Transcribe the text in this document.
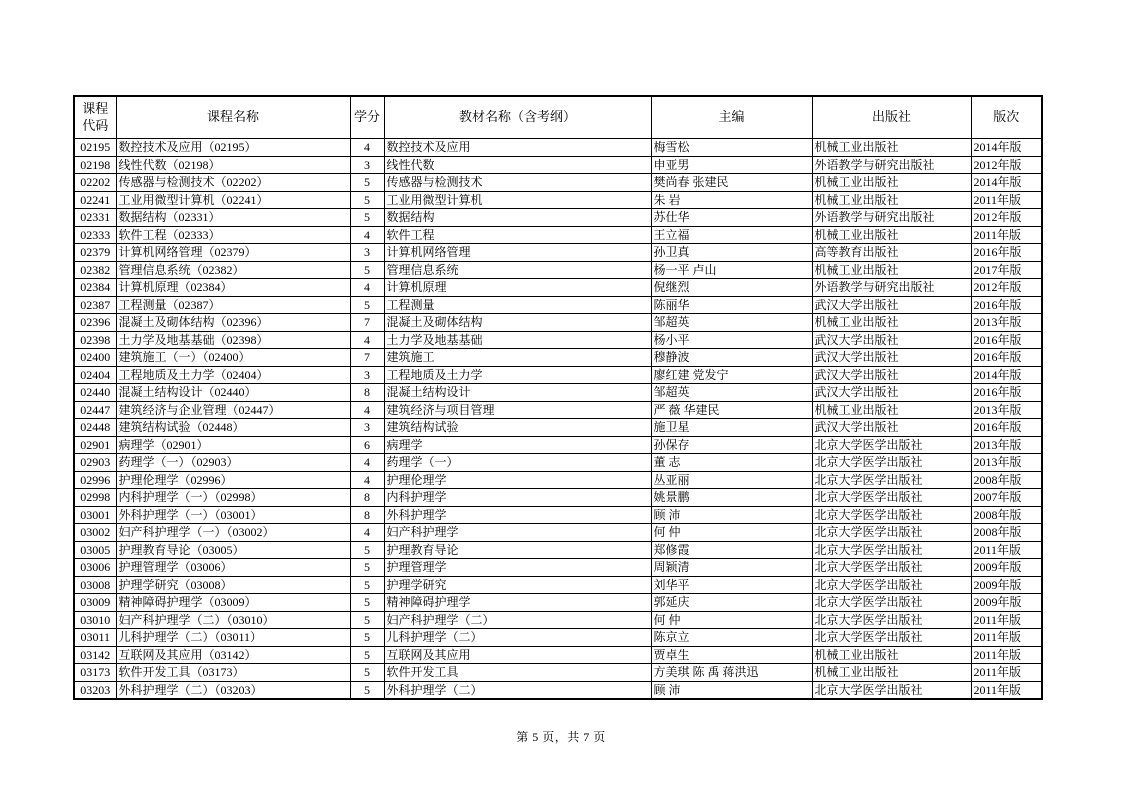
课程
代码	课程名称	学分	教材名称（含考纲）	主编	出版社	版次
02195	数控技术及应用（02195）	4	数控技术及应用	梅雪松	机械工业出版社	2014年版
02198	线性代数（02198）	3	线性代数	申亚男	外语教学与研究出版社	2012年版
02202	传感器与检测技术（02202）	5	传感器与检测技术	樊尚春 张建民	机械工业出版社	2014年版
02241	工业用微型计算机（02241）	5	工业用微型计算机	朱 岩	机械工业出版社	2011年版
02331	数据结构（02331）	5	数据结构	苏仕华	外语教学与研究出版社	2012年版
02333	软件工程（02333）	4	软件工程	王立福	机械工业出版社	2011年版
02379	计算机网络管理（02379）	3	计算机网络管理	孙卫真	高等教育出版社	2016年版
02382	管理信息系统（02382）	5	管理信息系统	杨一平 卢山	机械工业出版社	2017年版
02384	计算机原理（02384）	4	计算机原理	倪继烈	外语教学与研究出版社	2012年版
02387	工程测量（02387）	5	工程测量	陈丽华	武汉大学出版社	2016年版
02396	混凝土及砌体结构（02396）	7	混凝土及砌体结构	邹超英	机械工业出版社	2013年版
02398	土力学及地基基础（02398）	4	土力学及地基基础	杨小平	武汉大学出版社	2016年版
02400	建筑施工（一）（02400）	7	建筑施工	穆静波	武汉大学出版社	2016年版
02404	工程地质及土力学（02404）	3	工程地质及土力学	廖红建 党发宁	武汉大学出版社	2014年版
02440	混凝土结构设计（02440）	8	混凝土结构设计	邹超英	武汉大学出版社	2016年版
02447	建筑经济与企业管理（02447）	4	建筑经济与项目管理	严 薇 华建民	机械工业出版社	2013年版
02448	建筑结构试验（02448）	3	建筑结构试验	施卫星	武汉大学出版社	2016年版
02901	病理学（02901）	6	病理学	孙保存	北京大学医学出版社	2013年版
02903	药理学（一）（02903）	4	药理学（一）	董 志	北京大学医学出版社	2013年版
02996	护理伦理学（02996）	4	护理伦理学	丛亚丽	北京大学医学出版社	2008年版
02998	内科护理学（一）（02998）	8	内科护理学	姚景鹏	北京大学医学出版社	2007年版
03001	外科护理学（一）（03001）	8	外科护理学	顾 沛	北京大学医学出版社	2008年版
03002	妇产科护理学（一）（03002）	4	妇产科护理学	何 仲	北京大学医学出版社	2008年版
03005	护理教育导论（03005）	5	护理教育导论	郑修霞	北京大学医学出版社	2011年版
03006	护理管理学（03006）	5	护理管理学	周颖清	北京大学医学出版社	2009年版
03008	护理学研究（03008）	5	护理学研究	刘华平	北京大学医学出版社	2009年版
03009	精神障碍护理学（03009）	5	精神障碍护理学	郭延庆	北京大学医学出版社	2009年版
03010	妇产科护理学（二）（03010）	5	妇产科护理学（二）	何 仲	北京大学医学出版社	2011年版
03011	儿科护理学（二）（03011）	5	儿科护理学（二）	陈京立	北京大学医学出版社	2011年版
03142	互联网及其应用（03142）	5	互联网及其应用	贾卓生	机械工业出版社	2011年版
03173	软件开发工具（03173）	5	软件开发工具	方美琪 陈 禹 蒋洪迅	机械工业出版社	2011年版
03203	外科护理学（二）（03203）	5	外科护理学（二）	顾 沛	北京大学医学出版社	2011年版
第 5 页，共 7 页
